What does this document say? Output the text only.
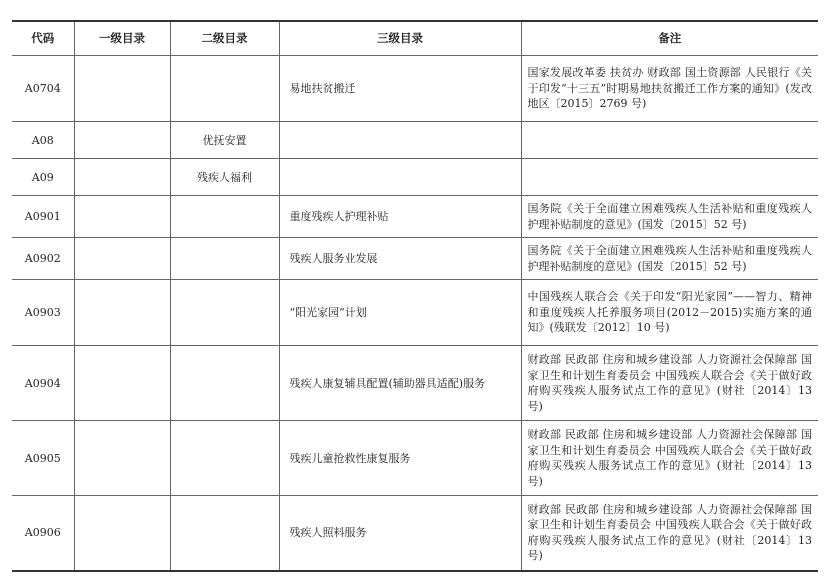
代码	一级目录	二级目录	三级目录	备注
A0704			易地扶贫搬迁	国家发展改革委 扶贫办 财政部 国土资源部 人民银行《关于印发“十三五”时期易地扶贫搬迁工作方案的通知》(发改地区〔2015〕2769 号)
A08		优抚安置		
A09		残疾人福利		
A0901			重度残疾人护理补贴	国务院《关于全面建立困难残疾人生活补贴和重度残疾人护理补贴制度的意见》(国发〔2015〕52 号)
A0902			残疾人服务业发展	国务院《关于全面建立困难残疾人生活补贴和重度残疾人护理补贴制度的意见》(国发〔2015〕52 号)
A0903			“阳光家园”计划	中国残疾人联合会《关于印发“阳光家园”——智力、精神和重度残疾人托养服务项目(2012－2015)实施方案的通知》(残联发〔2012〕10 号)
A0904			残疾人康复辅具配置(辅助器具适配)服务	财政部 民政部 住房和城乡建设部 人力资源社会保障部 国家卫生和计划生育委员会 中国残疾人联合会《关于做好政府购买残疾人服务试点工作的意见》(财社〔2014〕13 号)
A0905			残疾儿童抢救性康复服务	财政部 民政部 住房和城乡建设部 人力资源社会保障部 国家卫生和计划生育委员会 中国残疾人联合会《关于做好政府购买残疾人服务试点工作的意见》(财社〔2014〕13 号)
A0906			残疾人照料服务	财政部 民政部 住房和城乡建设部 人力资源社会保障部 国家卫生和计划生育委员会 中国残疾人联合会《关于做好政府购买残疾人服务试点工作的意见》(财社〔2014〕13 号)
